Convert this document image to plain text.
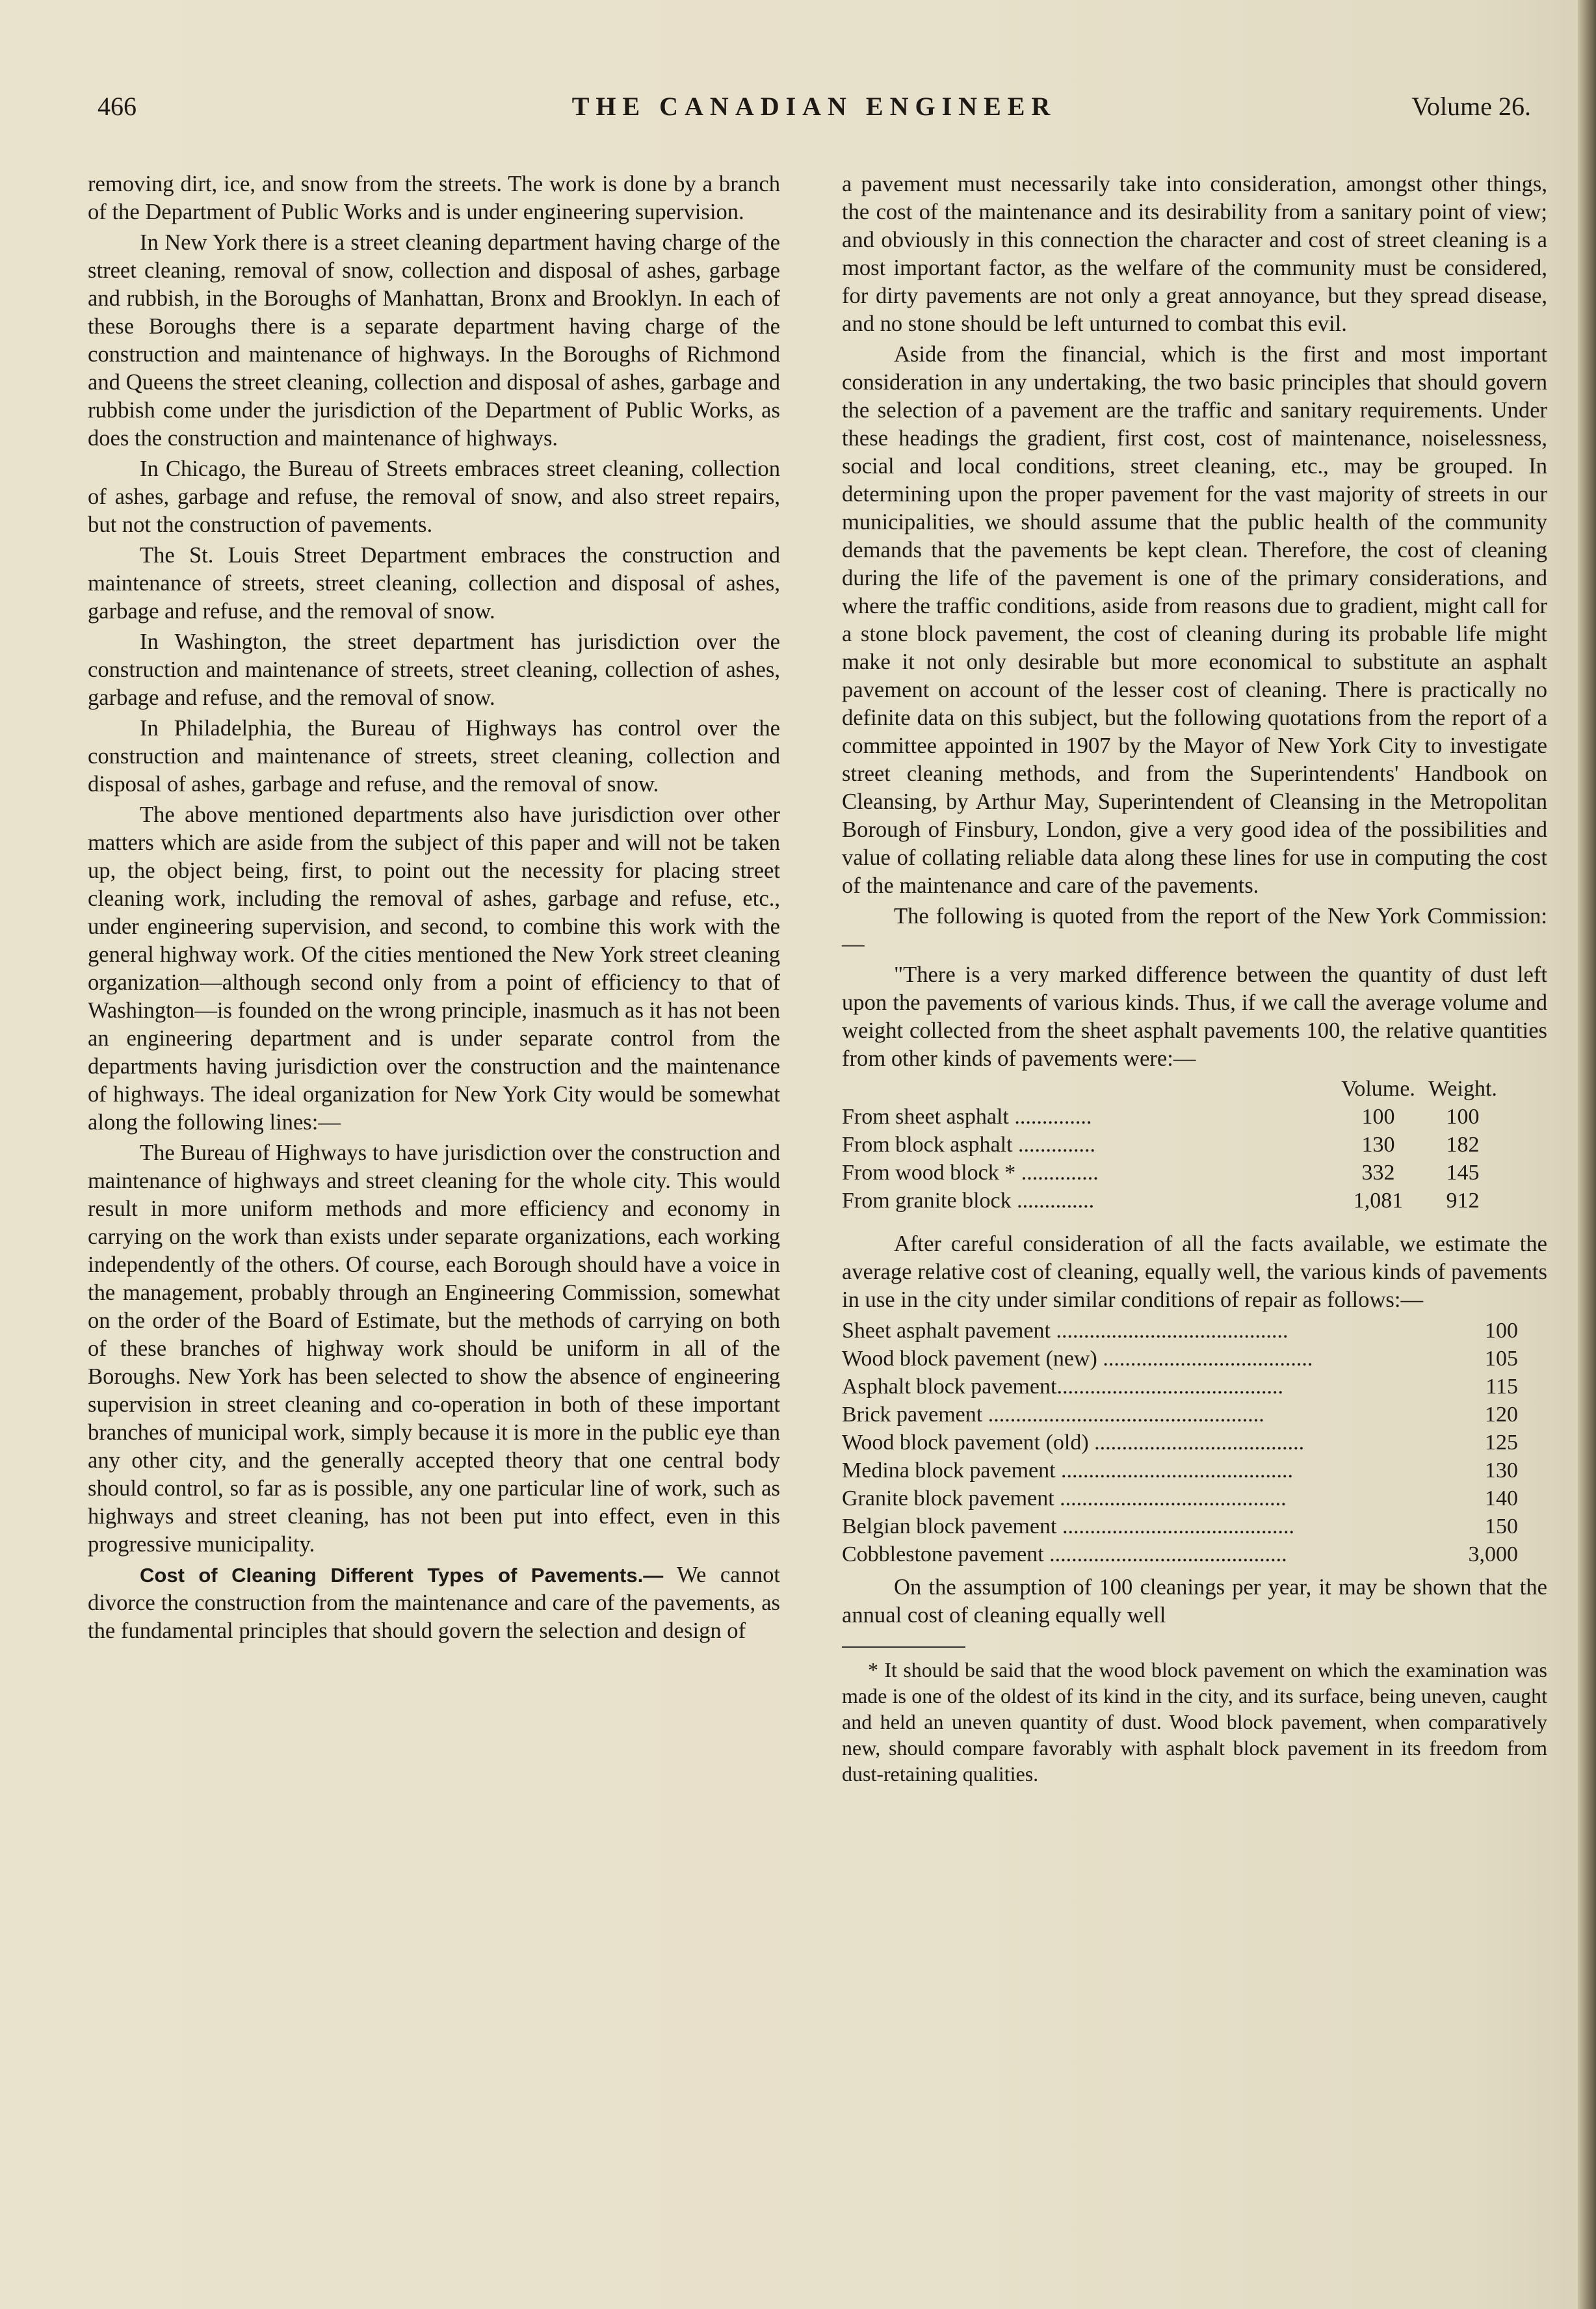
466	THE CANADIAN ENGINEER	Volume 26.

removing dirt, ice, and snow from the streets. The work is done by a branch of the Department of Public Works and is under engineering supervision.

In New York there is a street cleaning department having charge of the street cleaning, removal of snow, collection and disposal of ashes, garbage and rubbish, in the Boroughs of Manhattan, Bronx and Brooklyn. In each of these Boroughs there is a separate department having charge of the construction and maintenance of highways. In the Boroughs of Richmond and Queens the street cleaning, collection and disposal of ashes, garbage and rubbish come under the jurisdiction of the Department of Public Works, as does the construction and maintenance of highways.

In Chicago, the Bureau of Streets embraces street cleaning, collection of ashes, garbage and refuse, the removal of snow, and also street repairs, but not the construction of pavements.

The St. Louis Street Department embraces the construction and maintenance of streets, street cleaning, collection and disposal of ashes, garbage and refuse, and the removal of snow.

In Washington, the street department has jurisdiction over the construction and maintenance of streets, street cleaning, collection of ashes, garbage and refuse, and the removal of snow.

In Philadelphia, the Bureau of Highways has control over the construction and maintenance of streets, street cleaning, collection and disposal of ashes, garbage and refuse, and the removal of snow.

The above mentioned departments also have jurisdiction over other matters which are aside from the subject of this paper and will not be taken up, the object being, first, to point out the necessity for placing street cleaning work, including the removal of ashes, garbage and refuse, etc., under engineering supervision, and second, to combine this work with the general highway work. Of the cities mentioned the New York street cleaning organization—although second only from a point of efficiency to that of Washington—is founded on the wrong principle, inasmuch as it has not been an engineering department and is under separate control from the departments having jurisdiction over the construction and the maintenance of highways. The ideal organization for New York City would be somewhat along the following lines:—

The Bureau of Highways to have jurisdiction over the construction and maintenance of highways and street cleaning for the whole city. This would result in more uniform methods and more efficiency and economy in carrying on the work than exists under separate organizations, each working independently of the others. Of course, each Borough should have a voice in the management, probably through an Engineering Commission, somewhat on the order of the Board of Estimate, but the methods of carrying on both of these branches of highway work should be uniform in all of the Boroughs. New York has been selected to show the absence of engineering supervision in street cleaning and co-operation in both of these important branches of municipal work, simply because it is more in the public eye than any other city, and the generally accepted theory that one central body should control, so far as is possible, any one particular line of work, such as highways and street cleaning, has not been put into effect, even in this progressive municipality.

Cost of Cleaning Different Types of Pavements.— We cannot divorce the construction from the maintenance and care of the pavements, as the fundamental principles that should govern the selection and design of

a pavement must necessarily take into consideration, amongst other things, the cost of the maintenance and its desirability from a sanitary point of view; and obviously in this connection the character and cost of street cleaning is a most important factor, as the welfare of the community must be considered, for dirty pavements are not only a great annoyance, but they spread disease, and no stone should be left unturned to combat this evil.

Aside from the financial, which is the first and most important consideration in any undertaking, the two basic principles that should govern the selection of a pavement are the traffic and sanitary requirements. Under these headings the gradient, first cost, cost of maintenance, noiselessness, social and local conditions, street cleaning, etc., may be grouped. In determining upon the proper pavement for the vast majority of streets in our municipalities, we should assume that the public health of the community demands that the pavements be kept clean. Therefore, the cost of cleaning during the life of the pavement is one of the primary considerations, and where the traffic conditions, aside from reasons due to gradient, might call for a stone block pavement, the cost of cleaning during its probable life might make it not only desirable but more economical to substitute an asphalt pavement on account of the lesser cost of cleaning. There is practically no definite data on this subject, but the following quotations from the report of a committee appointed in 1907 by the Mayor of New York City to investigate street cleaning methods, and from the Superintendents' Handbook on Cleansing, by Arthur May, Superintendent of Cleansing in the Metropolitan Borough of Finsbury, London, give a very good idea of the possibilities and value of collating reliable data along these lines for use in computing the cost of the maintenance and care of the pavements.

The following is quoted from the report of the New York Commission:—

"There is a very marked difference between the quantity of dust left upon the pavements of various kinds. Thus, if we call the average volume and weight collected from the sheet asphalt pavements 100, the relative quantities from other kinds of pavements were:—

	Volume.	Weight.
From sheet asphalt ..............	100	100
From block asphalt ..............	130	182
From wood block * ..............	332	145
From granite block ..............	1,081	912

After careful consideration of all the facts available, we estimate the average relative cost of cleaning, equally well, the various kinds of pavements in use in the city under similar conditions of repair as follows:—

Sheet asphalt pavement ..........................................	100
Wood block pavement (new) ......................................	105
Asphalt block pavement.........................................	115
Brick pavement ..................................................	120
Wood block pavement (old) ......................................	125
Medina block pavement ..........................................	130
Granite block pavement .........................................	140
Belgian block pavement ..........................................	150
Cobblestone pavement ...........................................	3,000

On the assumption of 100 cleanings per year, it may be shown that the annual cost of cleaning equally well

* It should be said that the wood block pavement on which the examination was made is one of the oldest of its kind in the city, and its surface, being uneven, caught and held an uneven quantity of dust. Wood block pavement, when comparatively new, should compare favorably with asphalt block pavement in its freedom from dust-retaining qualities.
